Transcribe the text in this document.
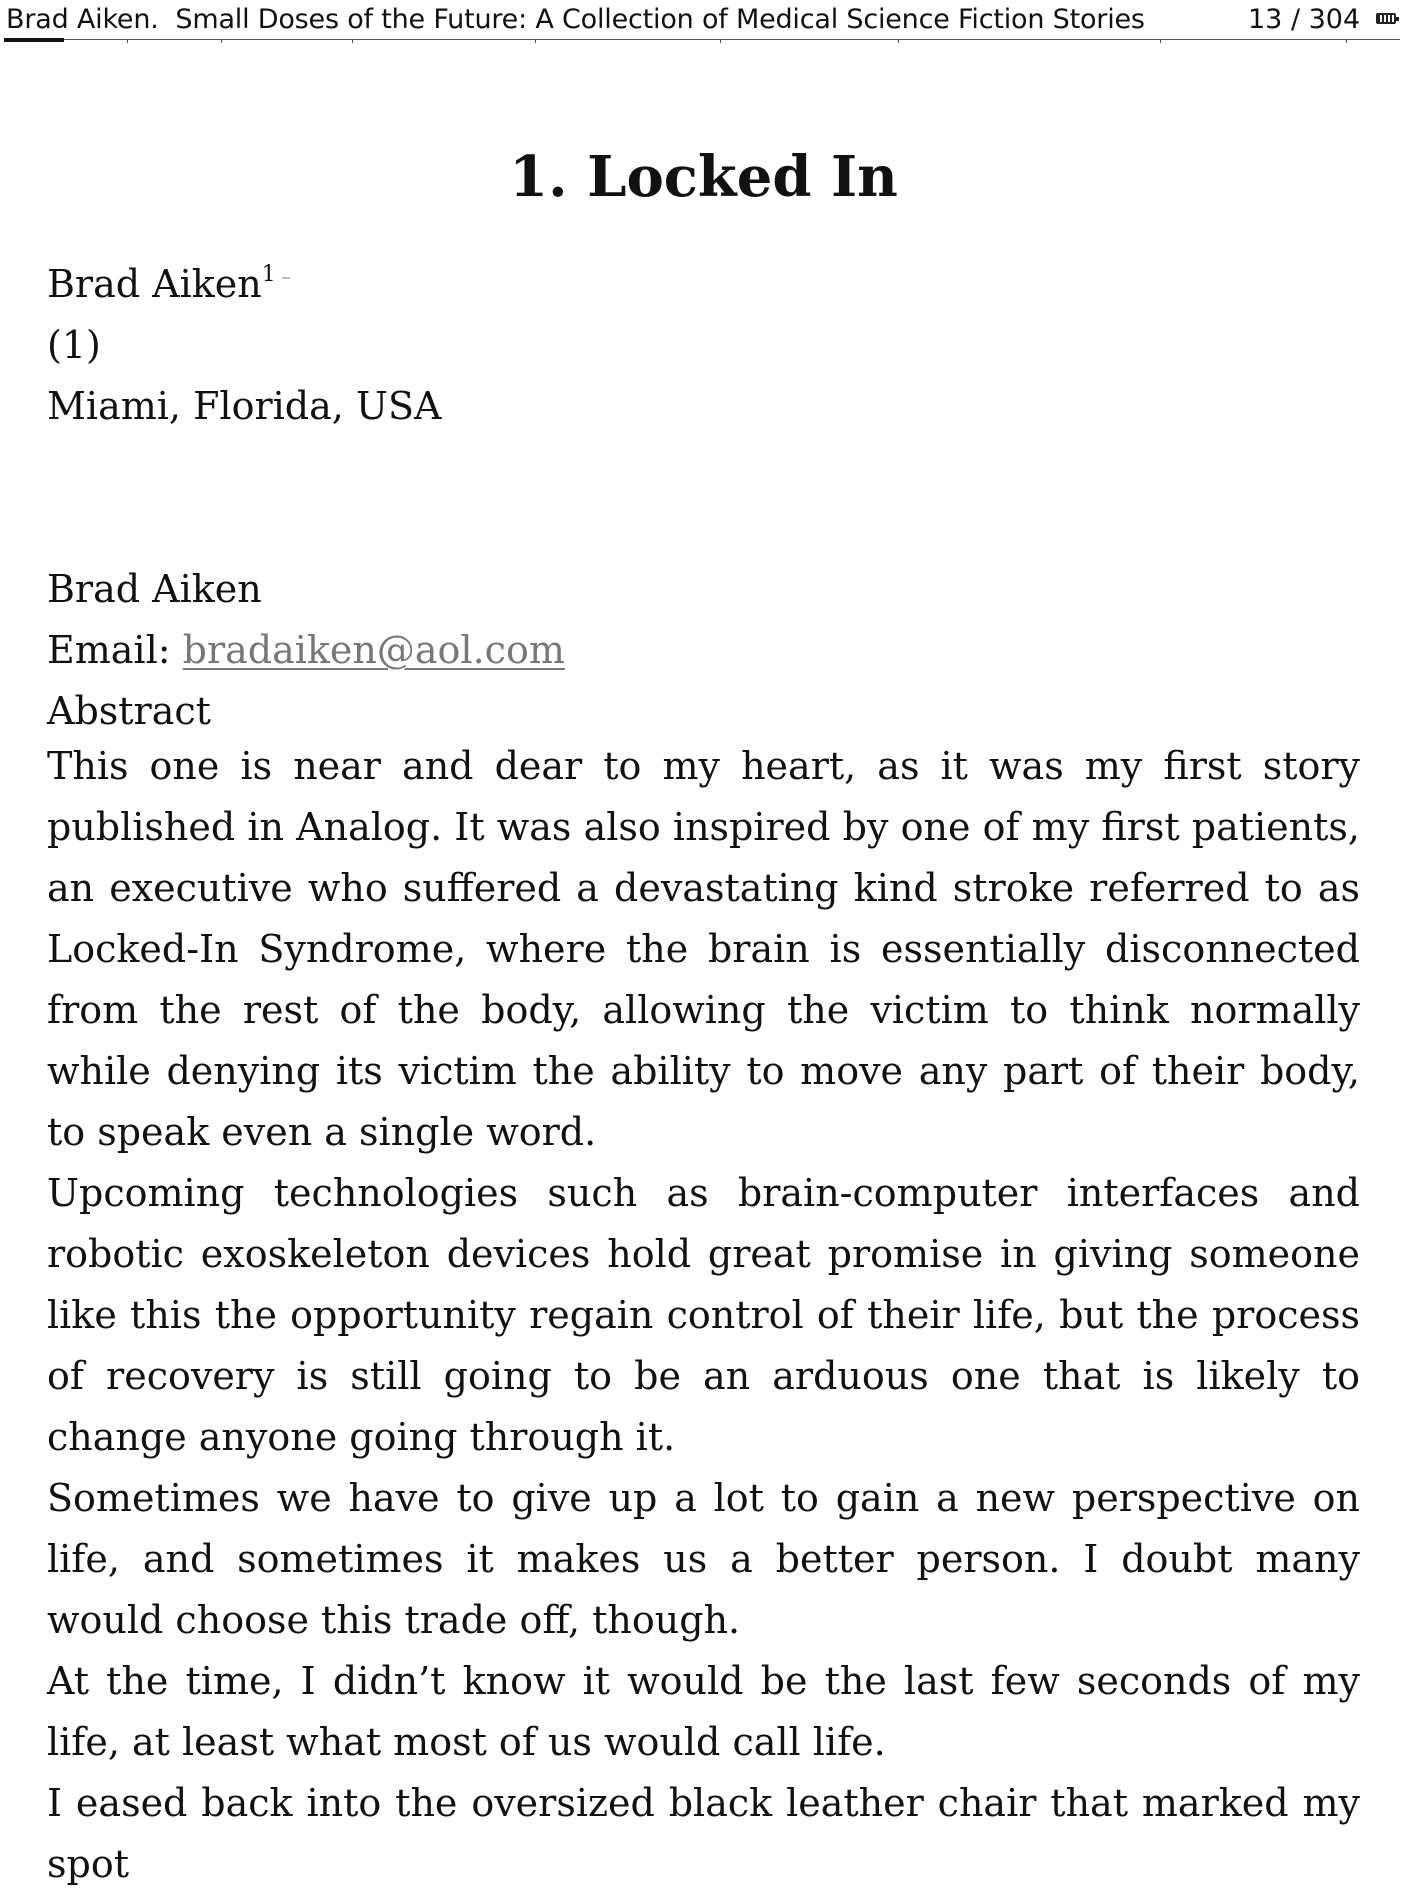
Brad Aiken.  Small Doses of the Future: A Collection of Medical Science Fiction Stories	13 / 304
1. Locked In
Brad Aiken$^1$
(1)
Miami, Florida, USA
Brad Aiken
Email: bradaiken@aol.com
Abstract

This one is near and dear to my heart, as it was my first story published in Analog. It was also inspired by one of my first patients, an executive who suffered a devastating kind stroke referred to as Locked-In Syndrome, where the brain is essentially disconnected from the rest of the body, allowing the victim to think normally while denying its victim the ability to move any part of their body, to speak even a single word.

Upcoming technologies such as brain-computer interfaces and robotic exoskeleton devices hold great promise in giving someone like this the opportunity regain control of their life, but the process of recovery is still going to be an arduous one that is likely to change anyone going through it.

Sometimes we have to give up a lot to gain a new perspective on life, and sometimes it makes us a better person. I doubt many would choose this trade off, though.

At the time, I didn’t know it would be the last few seconds of my life, at least what most of us would call life.

I eased back into the oversized black leather chair that marked my spot
